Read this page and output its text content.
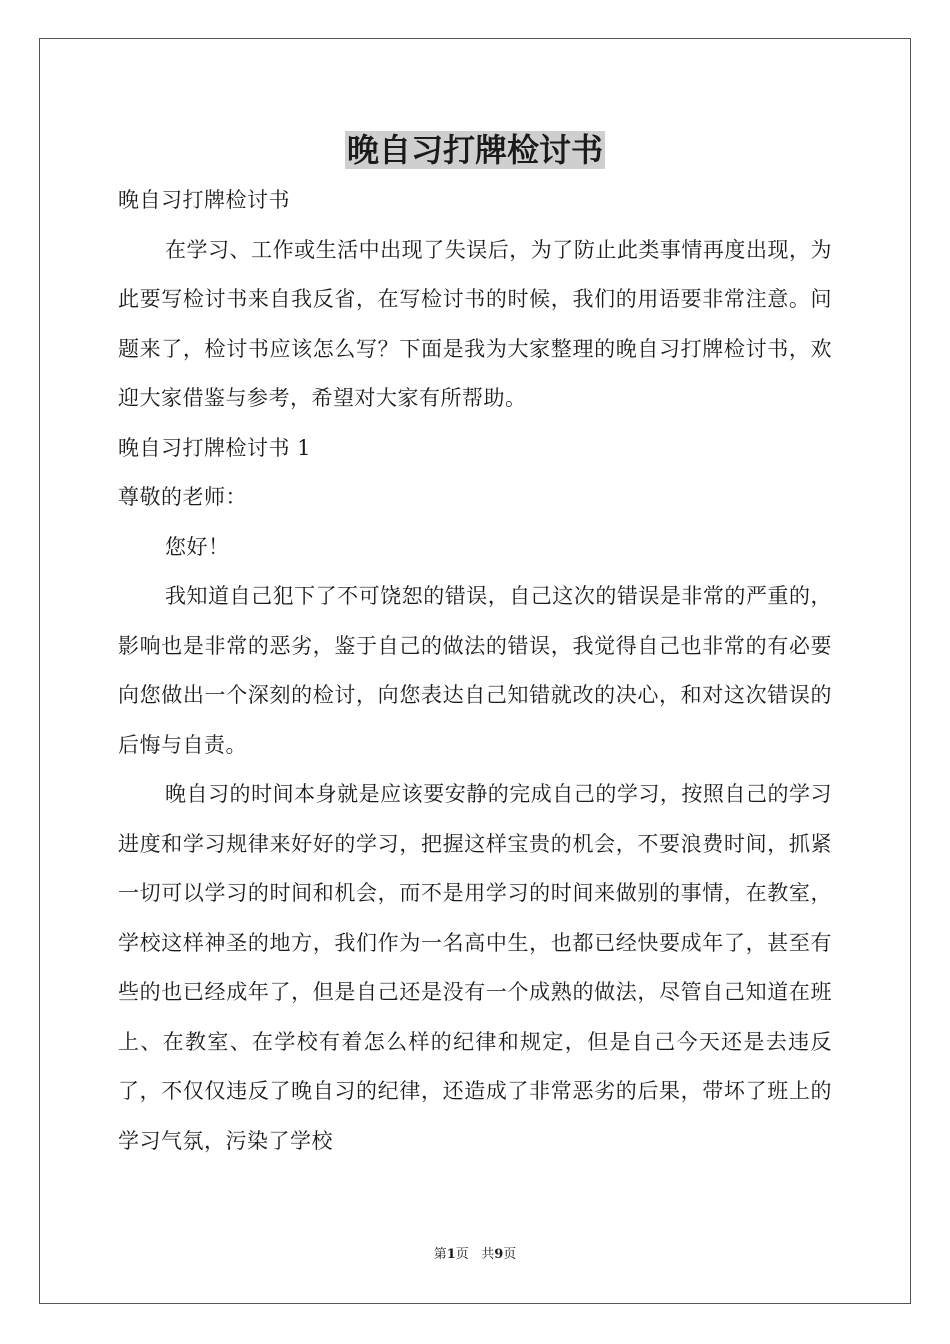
晚自习打牌检讨书

晚自习打牌检讨书

在学习、工作或生活中出现了失误后，为了防止此类事情再度出现，为此要写检讨书来自我反省，在写检讨书的时候，我们的用语要非常注意。问题来了，检讨书应该怎么写？下面是我为大家整理的晚自习打牌检讨书，欢迎大家借鉴与参考，希望对大家有所帮助。

晚自习打牌检讨书 1

尊敬的老师：

您好！

我知道自己犯下了不可饶恕的错误，自己这次的错误是非常的严重的，影响也是非常的恶劣，鉴于自己的做法的错误，我觉得自己也非常的有必要向您做出一个深刻的检讨，向您表达自己知错就改的决心，和对这次错误的后悔与自责。

晚自习的时间本身就是应该要安静的完成自己的学习，按照自己的学习进度和学习规律来好好的学习，把握这样宝贵的机会，不要浪费时间，抓紧一切可以学习的时间和机会，而不是用学习的时间来做别的事情，在教室，学校这样神圣的地方，我们作为一名高中生，也都已经快要成年了，甚至有些的也已经成年了，但是自己还是没有一个成熟的做法，尽管自己知道在班上、在教室、在学校有着怎么样的纪律和规定，但是自己今天还是去违反了，不仅仅违反了晚自习的纪律，还造成了非常恶劣的后果，带坏了班上的学习气氛，污染了学校

第1页 共9页
